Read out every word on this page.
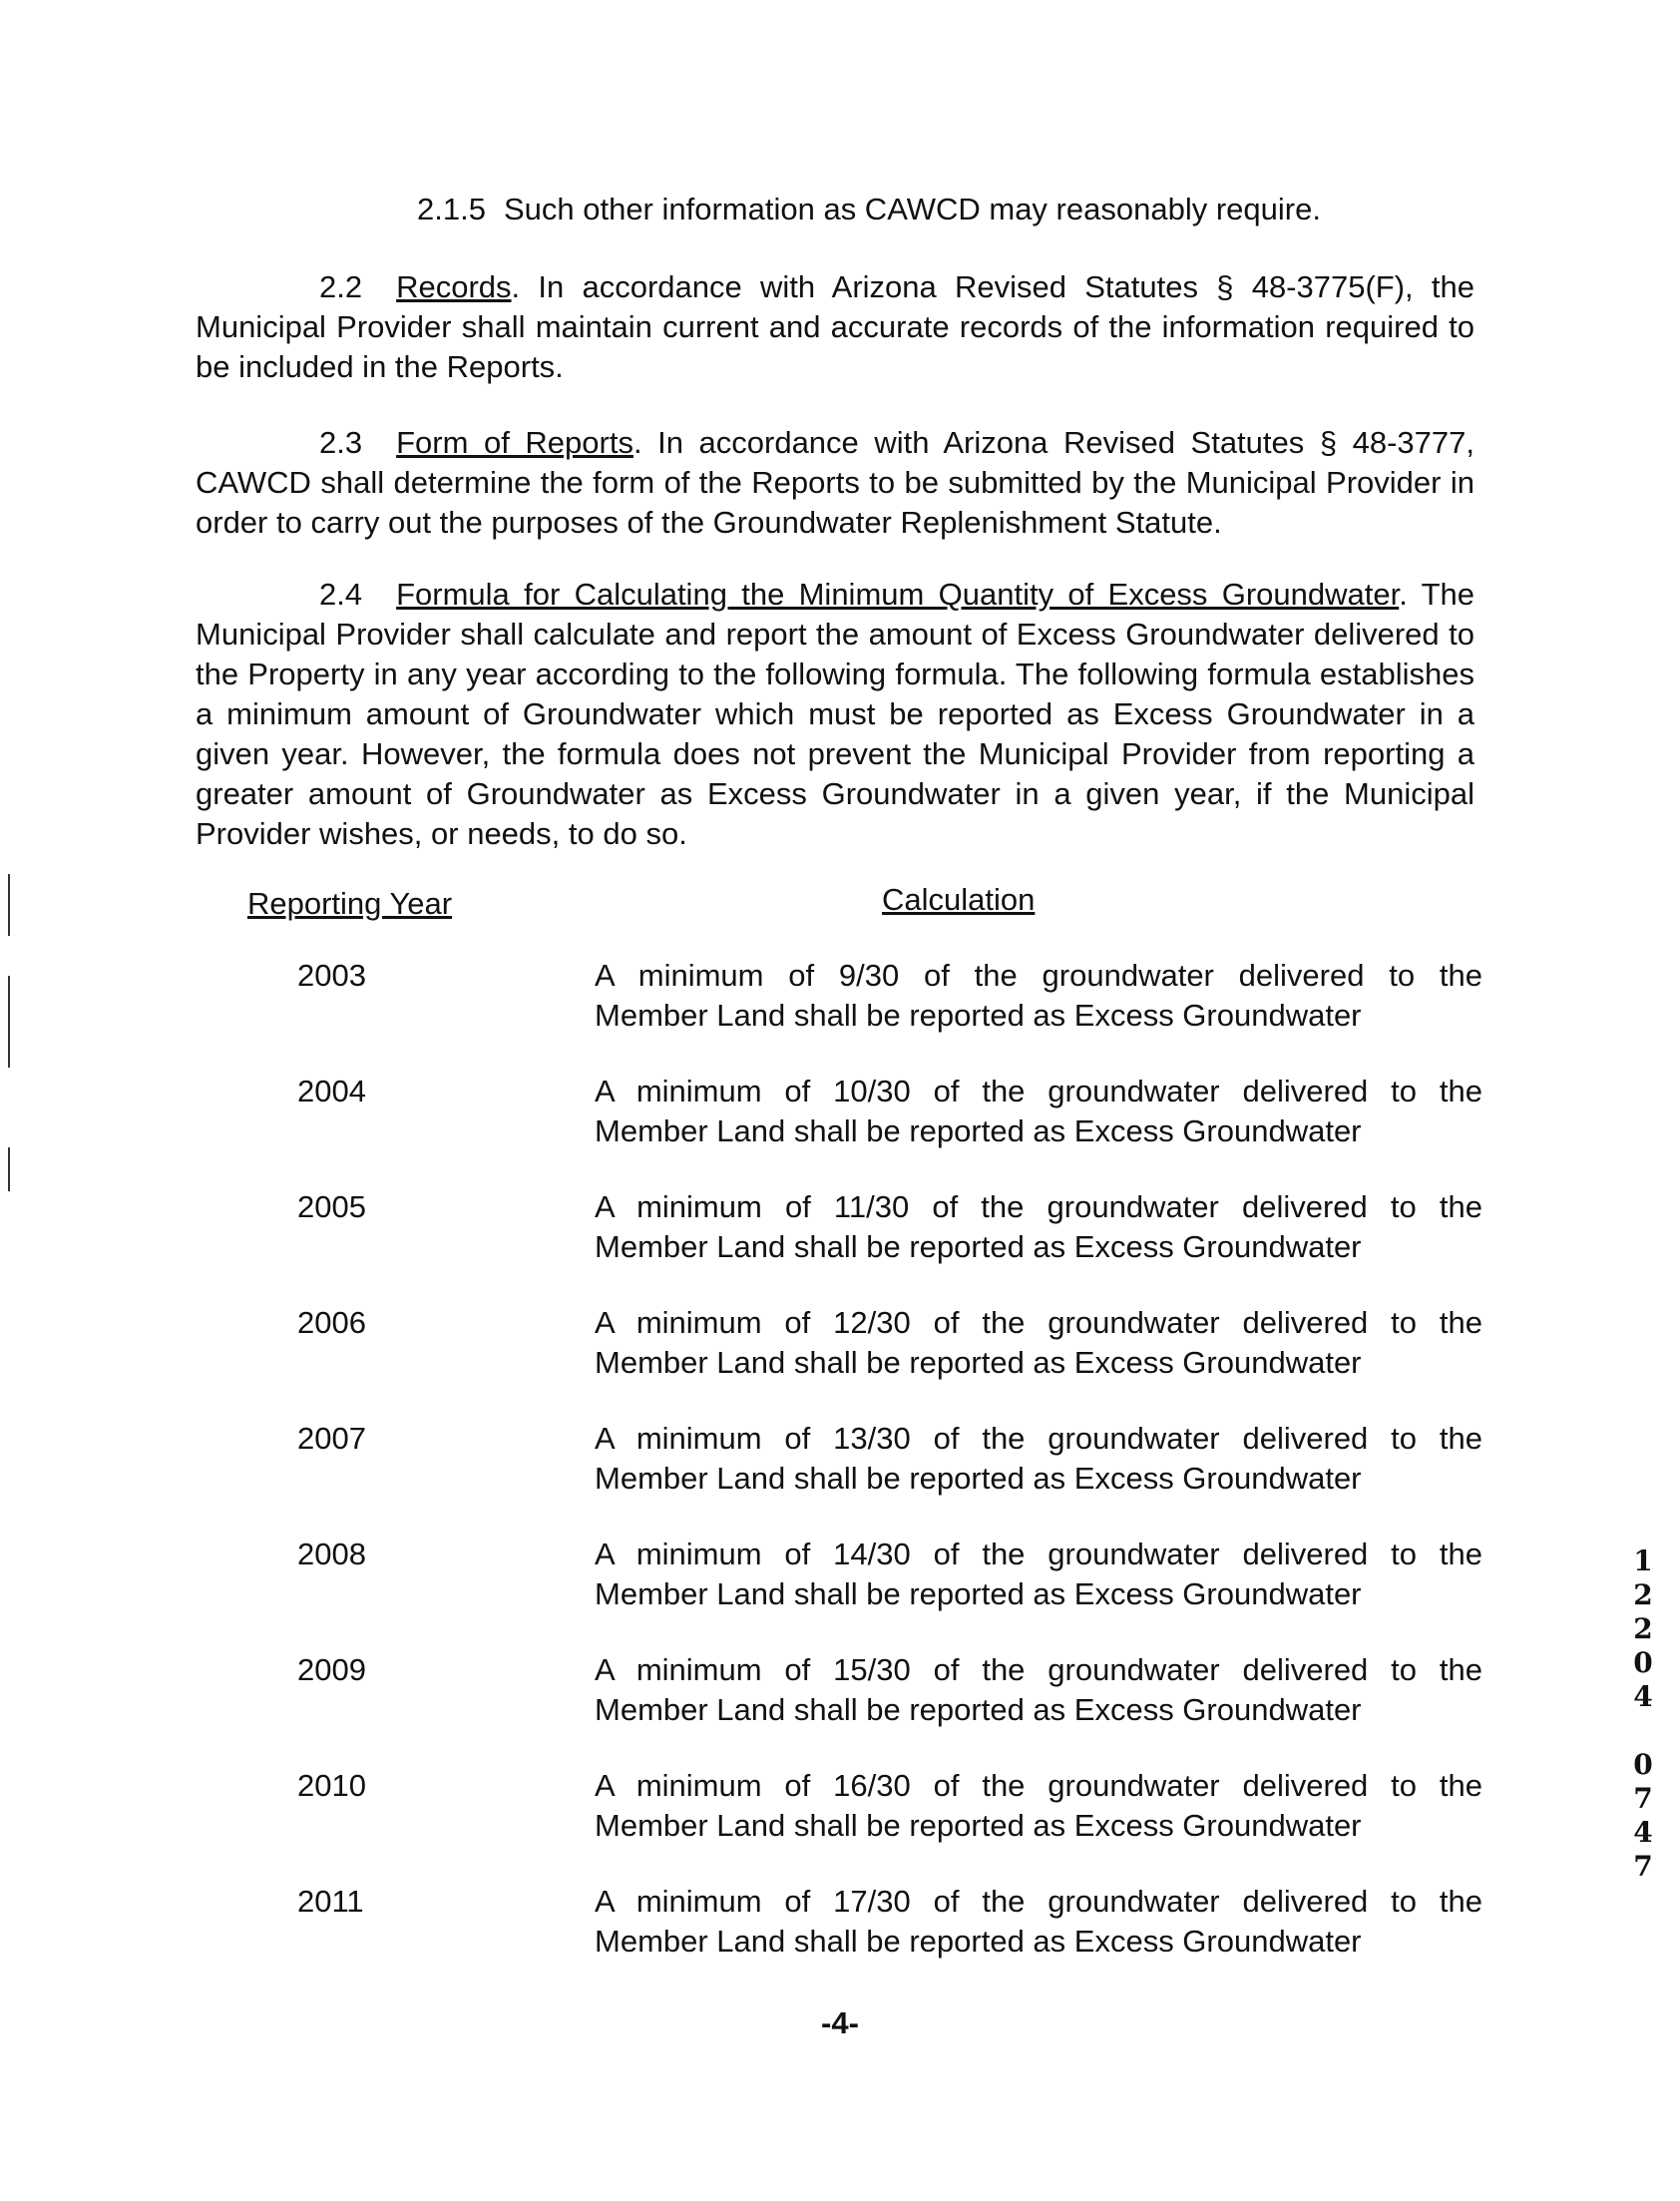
2.1.5 Such other information as CAWCD may reasonably require.
2.2 Records. In accordance with Arizona Revised Statutes § 48-3775(F), the Municipal Provider shall maintain current and accurate records of the information required to be included in the Reports.
2.3 Form of Reports. In accordance with Arizona Revised Statutes § 48-3777, CAWCD shall determine the form of the Reports to be submitted by the Municipal Provider in order to carry out the purposes of the Groundwater Replenishment Statute.
2.4 Formula for Calculating the Minimum Quantity of Excess Groundwater. The Municipal Provider shall calculate and report the amount of Excess Groundwater delivered to the Property in any year according to the following formula. The following formula establishes a minimum amount of Groundwater which must be reported as Excess Groundwater in a given year. However, the formula does not prevent the Municipal Provider from reporting a greater amount of Groundwater as Excess Groundwater in a given year, if the Municipal Provider wishes, or needs, to do so.
Reporting Year	Calculation
2003	A minimum of 9/30 of the groundwater delivered to the
Member Land shall be reported as Excess Groundwater
2004	A minimum of 10/30 of the groundwater delivered to the
Member Land shall be reported as Excess Groundwater
2005	A minimum of 11/30 of the groundwater delivered to the
Member Land shall be reported as Excess Groundwater
2006	A minimum of 12/30 of the groundwater delivered to the
Member Land shall be reported as Excess Groundwater
2007	A minimum of 13/30 of the groundwater delivered to the
Member Land shall be reported as Excess Groundwater
2008	A minimum of 14/30 of the groundwater delivered to the
Member Land shall be reported as Excess Groundwater
2009	A minimum of 15/30 of the groundwater delivered to the
Member Land shall be reported as Excess Groundwater
2010	A minimum of 16/30 of the groundwater delivered to the
Member Land shall be reported as Excess Groundwater
2011	A minimum of 17/30 of the groundwater delivered to the
Member Land shall be reported as Excess Groundwater
-4-
1
2
2
0
4
0
7
4
7
